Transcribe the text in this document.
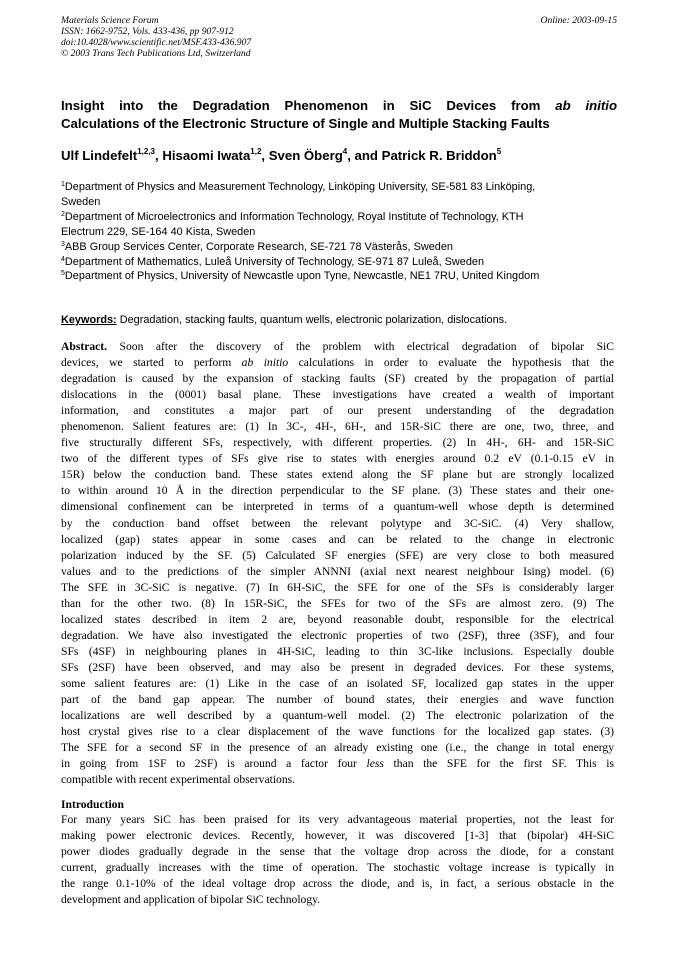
Materials Science Forum
ISSN: 1662-9752, Vols. 433-436, pp 907-912
doi:10.4028/www.scientific.net/MSF.433-436.907
© 2003 Trans Tech Publications Ltd, Switzerland
Online: 2003-09-15
Insight into the Degradation Phenomenon in SiC Devices from ab initio
Calculations of the Electronic Structure of Single and Multiple Stacking Faults
Ulf Lindefelt$^{1,2,3}$, Hisaomi Iwata$^{1,2}$, Sven Öberg$^4$, and Patrick R. Briddon$^5$
$^1$Department of Physics and Measurement Technology, Linköping University, SE-581 83 Linköping,
Sweden
$^2$Department of Microelectronics and Information Technology, Royal Institute of Technology, KTH
Electrum 229, SE-164 40 Kista, Sweden
$^3$ABB Group Services Center, Corporate Research, SE-721 78 Västerås, Sweden
$^4$Department of Mathematics, Luleå University of Technology, SE-971 87 Luleå, Sweden
$^5$Department of Physics, University of Newcastle upon Tyne, Newcastle, NE1 7RU, United Kingdom
Keywords: Degradation, stacking faults, quantum wells, electronic polarization, dislocations.
Abstract. Soon after the discovery of the problem with electrical degradation of bipolar SiC
devices, we started to perform ab initio calculations in order to evaluate the hypothesis that the
degradation is caused by the expansion of stacking faults (SF) created by the propagation of partial
dislocations in the (0001) basal plane. These investigations have created a wealth of important
information, and constitutes a major part of our present understanding of the degradation
phenomenon. Salient features are: (1) In 3C-, 4H-, 6H-, and 15R-SiC there are one, two, three, and
five structurally different SFs, respectively, with different properties. (2) In 4H-, 6H- and 15R-SiC
two of the different types of SFs give rise to states with energies around 0.2 eV (0.1-0.15 eV in
15R) below the conduction band. These states extend along the SF plane but are strongly localized
to within around 10 Å in the direction perpendicular to the SF plane. (3) These states and their one-
dimensional confinement can be interpreted in terms of a quantum-well whose depth is determined
by the conduction band offset between the relevant polytype and 3C-SiC. (4) Very shallow,
localized (gap) states appear in some cases and can be related to the change in electronic
polarization induced by the SF. (5) Calculated SF energies (SFE) are very close to both measured
values and to the predictions of the simpler ANNNI (axial next nearest neighbour Ising) model. (6)
The SFE in 3C-SiC is negative. (7) In 6H-SiC, the SFE for one of the SFs is considerably larger
than for the other two. (8) In 15R-SiC, the SFEs for two of the SFs are almost zero. (9) The
localized states described in item 2 are, beyond reasonable doubt, responsible for the electrical
degradation. We have also investigated the electronic properties of two (2SF), three (3SF), and four
SFs (4SF) in neighbouring planes in 4H-SiC, leading to thin 3C-like inclusions. Especially double
SFs (2SF) have been observed, and may also be present in degraded devices. For these systems,
some salient features are: (1) Like in the case of an isolated SF, localized gap states in the upper
part of the band gap appear. The number of bound states, their energies and wave function
localizations are well described by a quantum-well model. (2) The electronic polarization of the
host crystal gives rise to a clear displacement of the wave functions for the localized gap states. (3)
The SFE for a second SF in the presence of an already existing one (i.e., the change in total energy
in going from 1SF to 2SF) is around a factor four less than the SFE for the first SF. This is
compatible with recent experimental observations.
Introduction
For many years SiC has been praised for its very advantageous material properties, not the least for
making power electronic devices. Recently, however, it was discovered [1-3] that (bipolar) 4H-SiC
power diodes gradually degrade in the sense that the voltage drop across the diode, for a constant
current, gradually increases with the time of operation. The stochastic voltage increase is typically in
the range 0.1-10% of the ideal voltage drop across the diode, and is, in fact, a serious obstacle in the
development and application of bipolar SiC technology.
